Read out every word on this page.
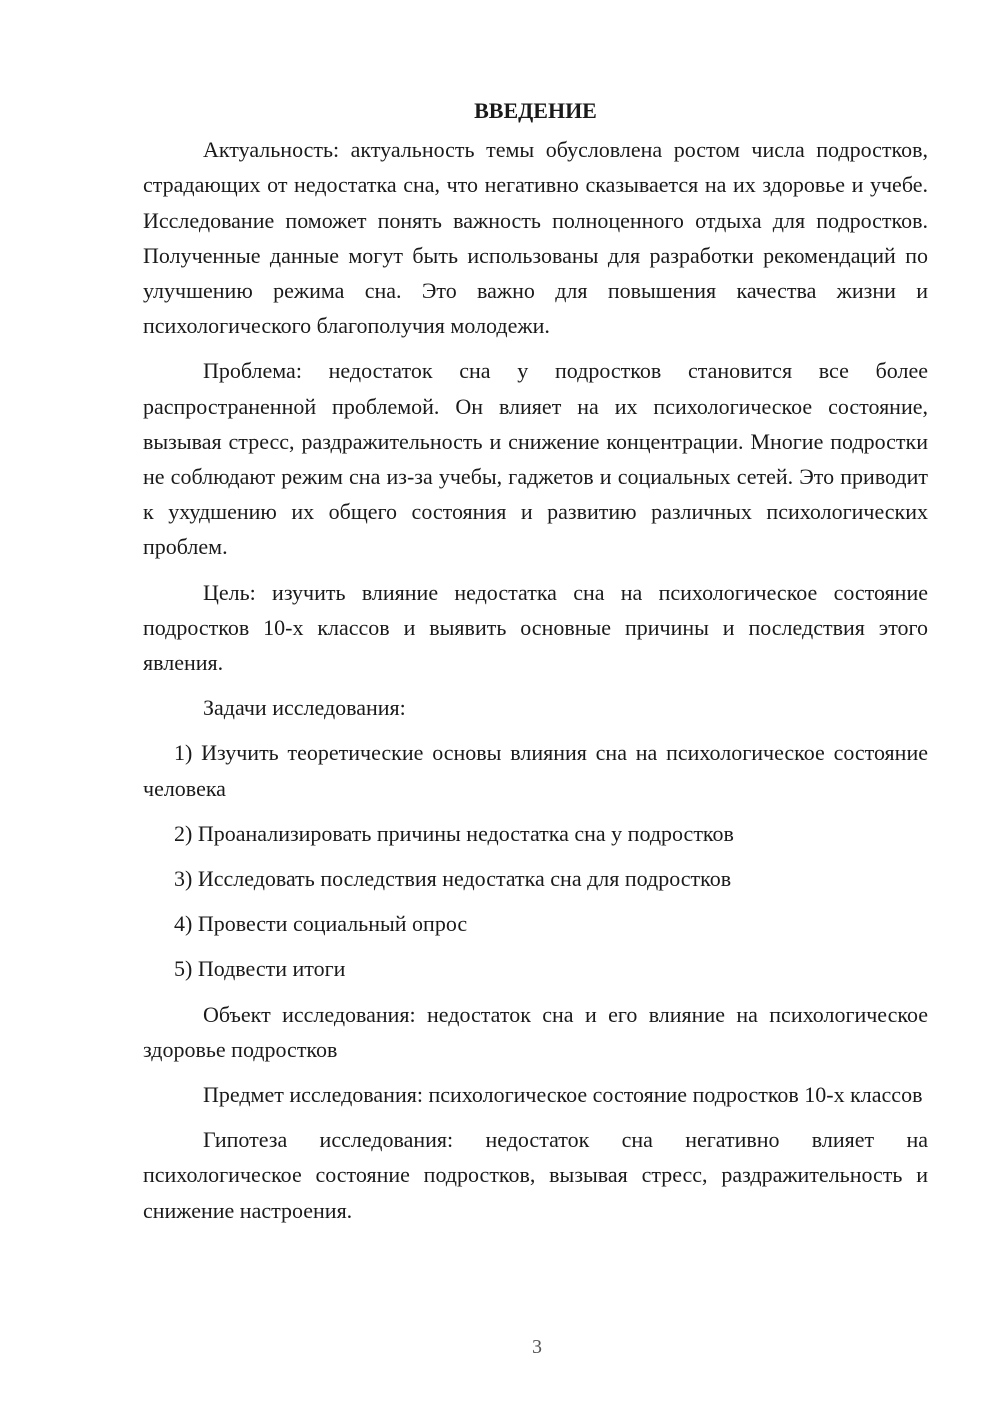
ВВЕДЕНИЕ

Актуальность: актуальность темы обусловлена ростом числа подростков, страдающих от недостатка сна, что негативно сказывается на их здоровье и учебе. Исследование поможет понять важность полноценного отдыха для подростков. Полученные данные могут быть использованы для разработки рекомендаций по улучшению режима сна. Это важно для повышения качества жизни и психологического благополучия молодежи.

Проблема: недостаток сна у подростков становится все более распространенной проблемой. Он влияет на их психологическое состояние, вызывая стресс, раздражительность и снижение концентрации. Многие подростки не соблюдают режим сна из-за учебы, гаджетов и социальных сетей. Это приводит к ухудшению их общего состояния и развитию различных психологических проблем.

Цель: изучить влияние недостатка сна на психологическое состояние подростков 10-х классов и выявить основные причины и последствия этого явления.

Задачи исследования:

1) Изучить теоретические основы влияния сна на психологическое состояние человека

2) Проанализировать причины недостатка сна у подростков

3) Исследовать последствия недостатка сна для подростков

4) Провести социальный опрос

5) Подвести итоги

Объект исследования: недостаток сна и его влияние на психологическое здоровье подростков

Предмет исследования: психологическое состояние подростков 10-х классов

Гипотеза исследования: недостаток сна негативно влияет на психологическое состояние подростков, вызывая стресс, раздражительность и снижение настроения.

3
